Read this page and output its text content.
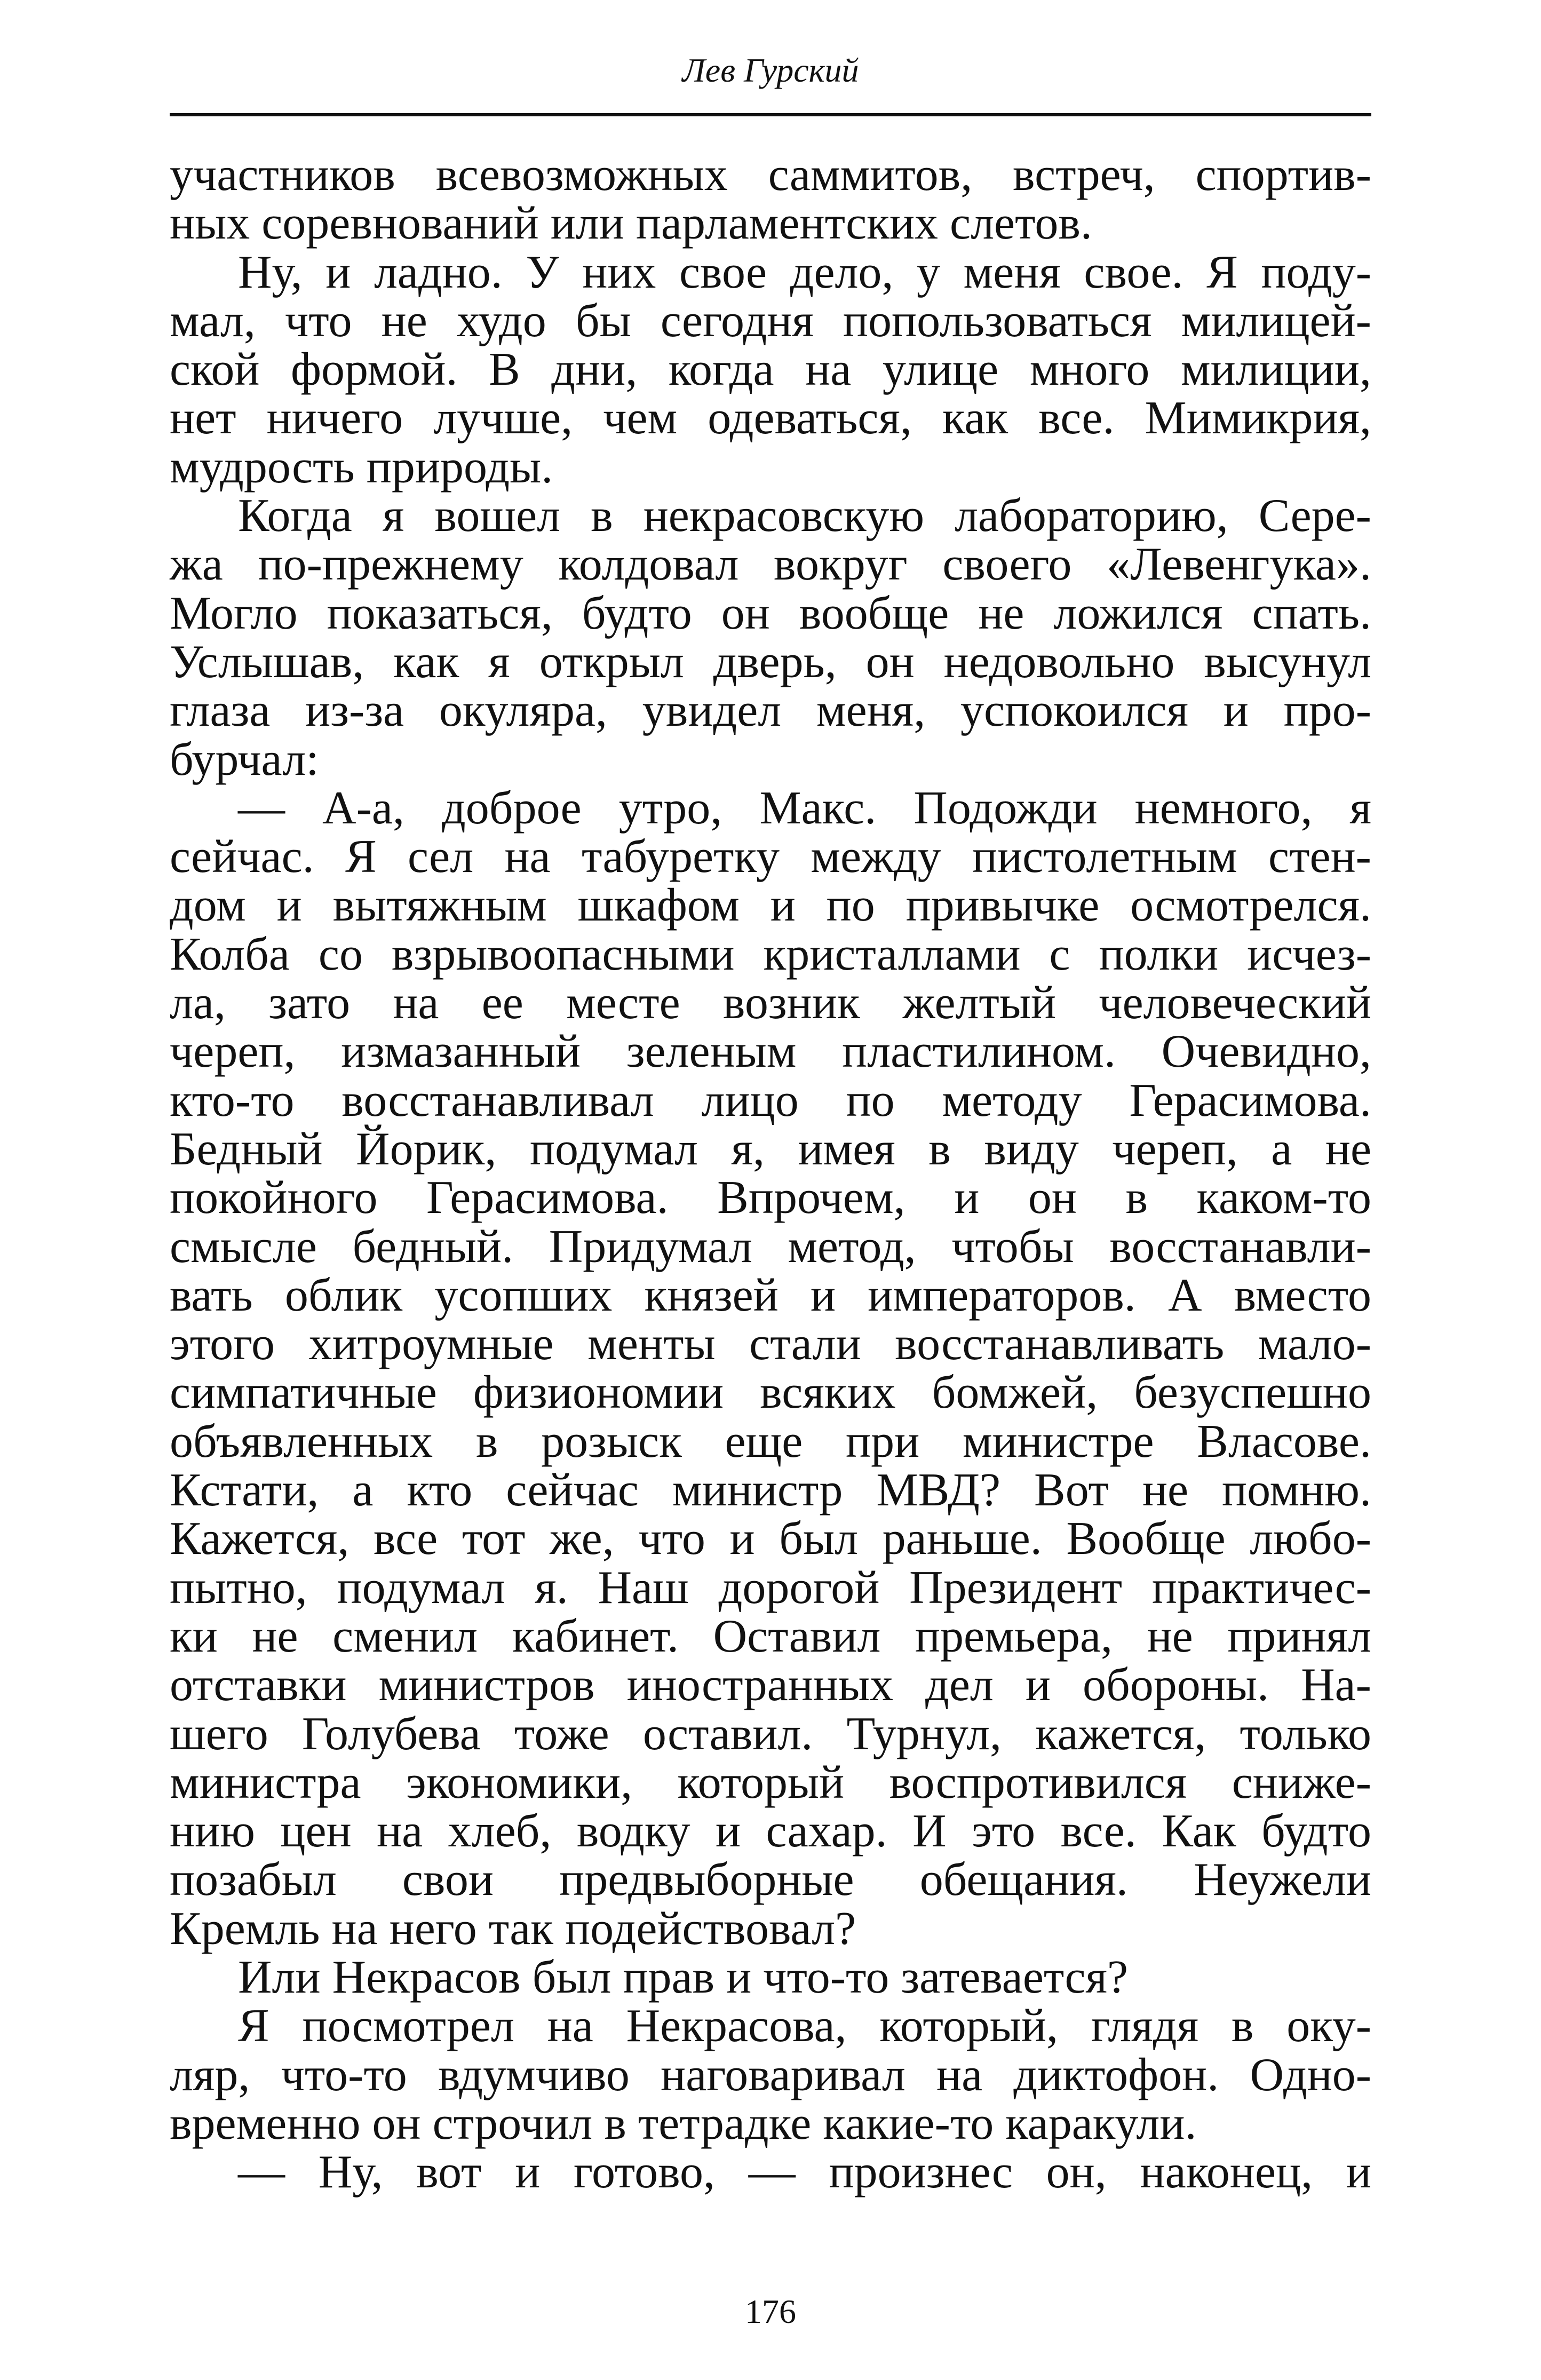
Лев Гурский
участников всевозможных саммитов, встреч, спортив-
ных соревнований или парламентских слетов.
Ну, и ладно. У них свое дело, у меня свое. Я поду-
мал, что не худо бы сегодня попользоваться милицей-
ской формой. В дни, когда на улице много милиции,
нет ничего лучше, чем одеваться, как все. Мимикрия,
мудрость природы.
Когда я вошел в некрасовскую лабораторию, Сере-
жа по-прежнему колдовал вокруг своего «Левенгука».
Могло показаться, будто он вообще не ложился спать.
Услышав, как я открыл дверь, он недовольно высунул
глаза из-за окуляра, увидел меня, успокоился и про-
бурчал:
— А-а, доброе утро, Макс. Подожди немного, я
сейчас. Я сел на табуретку между пистолетным стен-
дом и вытяжным шкафом и по привычке осмотрелся.
Колба со взрывоопасными кристаллами с полки исчез-
ла, зато на ее месте возник желтый человеческий
череп, измазанный зеленым пластилином. Очевидно,
кто-то восстанавливал лицо по методу Герасимова.
Бедный Йорик, подумал я, имея в виду череп, а не
покойного Герасимова. Впрочем, и он в каком-то
смысле бедный. Придумал метод, чтобы восстанавли-
вать облик усопших князей и императоров. А вместо
этого хитроумные менты стали восстанавливать мало-
симпатичные физиономии всяких бомжей, безуспешно
объявленных в розыск еще при министре Власове.
Кстати, а кто сейчас министр МВД? Вот не помню.
Кажется, все тот же, что и был раньше. Вообще любо-
пытно, подумал я. Наш дорогой Президент практичес-
ки не сменил кабинет. Оставил премьера, не принял
отставки министров иностранных дел и обороны. На-
шего Голубева тоже оставил. Турнул, кажется, только
министра экономики, который воспротивился сниже-
нию цен на хлеб, водку и сахар. И это все. Как будто
позабыл свои предвыборные обещания. Неужели
Кремль на него так подействовал?
Или Некрасов был прав и что-то затевается?
Я посмотрел на Некрасова, который, глядя в оку-
ляр, что-то вдумчиво наговаривал на диктофон. Одно-
временно он строчил в тетрадке какие-то каракули.
— Ну, вот и готово, — произнес он, наконец, и
176
